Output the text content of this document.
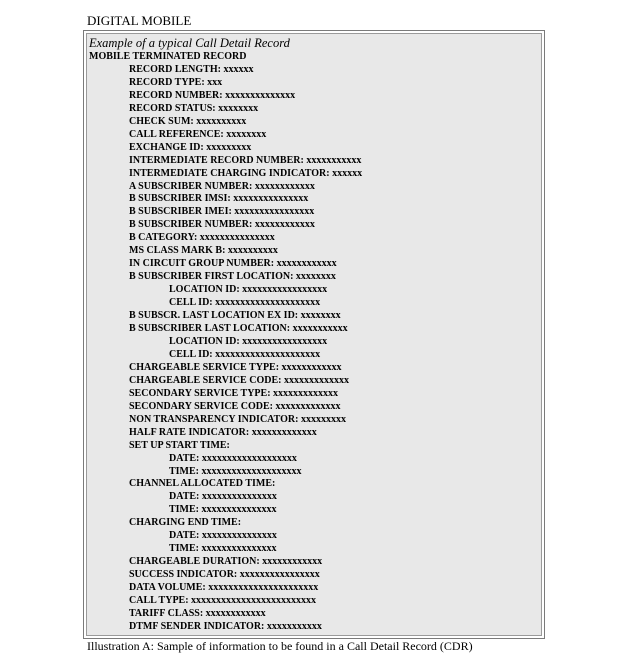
DIGITAL MOBILE
Example of a typical Call Detail Record
MOBILE TERMINATED RECORD
RECORD LENGTH: xxxxxx
RECORD TYPE: xxx
RECORD NUMBER: xxxxxxxxxxxxxx
RECORD STATUS: xxxxxxxx
CHECK SUM: xxxxxxxxxx
CALL REFERENCE: xxxxxxxx
EXCHANGE ID: xxxxxxxxx
INTERMEDIATE RECORD NUMBER: xxxxxxxxxxx
INTERMEDIATE CHARGING INDICATOR: xxxxxx
A SUBSCRIBER NUMBER: xxxxxxxxxxxx
B SUBSCRIBER IMSI: xxxxxxxxxxxxxxx
B SUBSCRIBER IMEI: xxxxxxxxxxxxxxxx
B SUBSCRIBER NUMBER: xxxxxxxxxxxx
B CATEGORY: xxxxxxxxxxxxxxx
MS CLASS MARK B: xxxxxxxxxx
IN CIRCUIT GROUP NUMBER: xxxxxxxxxxxx
B SUBSCRIBER FIRST LOCATION: xxxxxxxx
LOCATION ID: xxxxxxxxxxxxxxxxx
CELL ID: xxxxxxxxxxxxxxxxxxxxx
B SUBSCR. LAST LOCATION EX ID: xxxxxxxx
B SUBSCRIBER LAST LOCATION: xxxxxxxxxxx
LOCATION ID: xxxxxxxxxxxxxxxxx
CELL ID: xxxxxxxxxxxxxxxxxxxxx
CHARGEABLE SERVICE TYPE: xxxxxxxxxxxx
CHARGEABLE SERVICE CODE: xxxxxxxxxxxxx
SECONDARY SERVICE TYPE: xxxxxxxxxxxxx
SECONDARY SERVICE CODE: xxxxxxxxxxxxx
NON TRANSPARENCY INDICATOR: xxxxxxxxx
HALF RATE INDICATOR: xxxxxxxxxxxxx
SET UP START TIME:
DATE: xxxxxxxxxxxxxxxxxxx
TIME: xxxxxxxxxxxxxxxxxxxx
CHANNEL ALLOCATED TIME:
DATE: xxxxxxxxxxxxxxx
TIME: xxxxxxxxxxxxxxx
CHARGING END TIME:
DATE: xxxxxxxxxxxxxxx
TIME: xxxxxxxxxxxxxxx
CHARGEABLE DURATION: xxxxxxxxxxxx
SUCCESS INDICATOR: xxxxxxxxxxxxxxxx
DATA VOLUME: xxxxxxxxxxxxxxxxxxxxxx
CALL TYPE: xxxxxxxxxxxxxxxxxxxxxxxxx
TARIFF CLASS: xxxxxxxxxxxx
DTMF SENDER INDICATOR: xxxxxxxxxxx
Illustration A: Sample of information to be found in a Call Detail Record (CDR)
